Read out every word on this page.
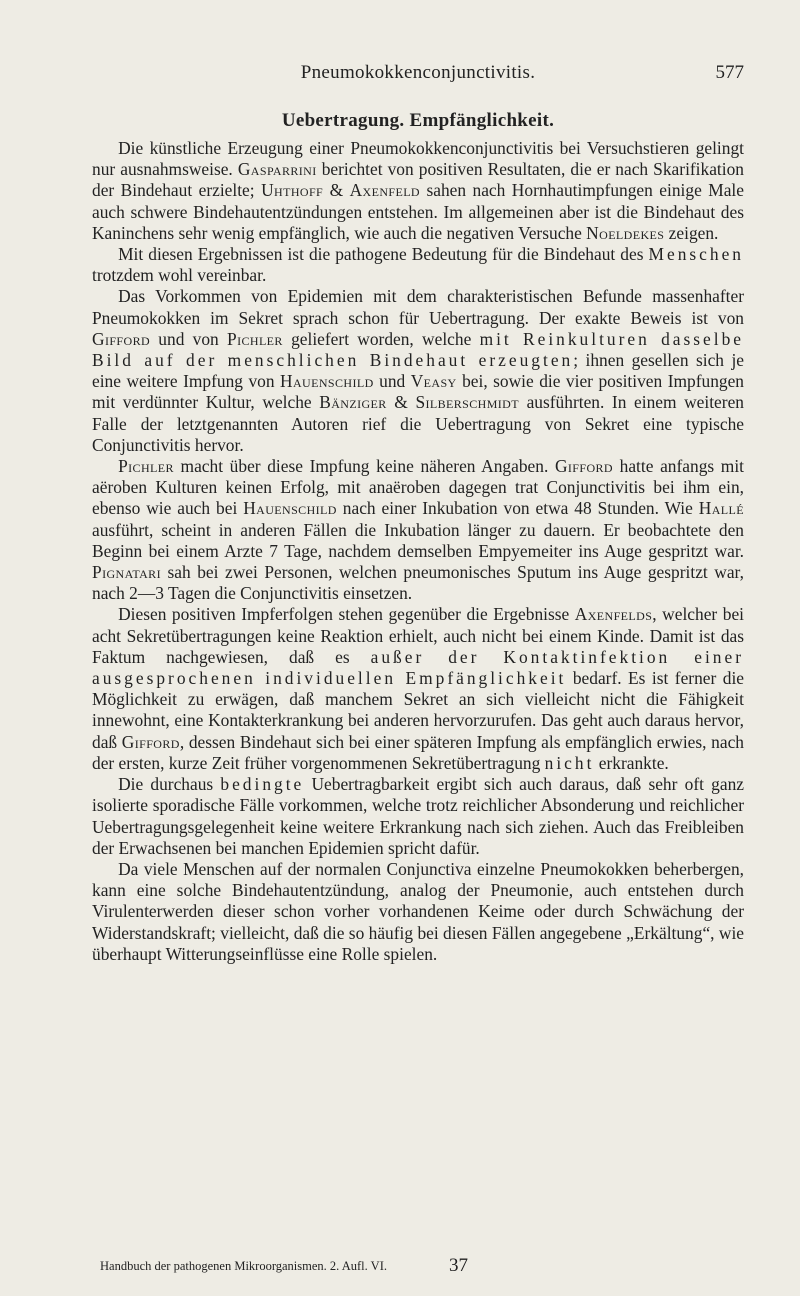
Pneumokokkenconjunctivitis.	577
Uebertragung. Empfänglichkeit.

Die künstliche Erzeugung einer Pneumokokkenconjunctivitis bei Versuchstieren gelingt nur ausnahmsweise. Gasparrini berichtet von positiven Resultaten, die er nach Skarifikation der Bindehaut erzielte; Uhthoff & Axenfeld sahen nach Hornhautimpfungen einige Male auch schwere Bindehautentzündungen entstehen. Im allgemeinen aber ist die Bindehaut des Kaninchens sehr wenig empfänglich, wie auch die negativen Versuche Noeldekes zeigen.

Mit diesen Ergebnissen ist die pathogene Bedeutung für die Bindehaut des Menschen trotzdem wohl vereinbar.

Das Vorkommen von Epidemien mit dem charakteristischen Befunde massenhafter Pneumokokken im Sekret sprach schon für Uebertragung. Der exakte Beweis ist von Gifford und von Pichler geliefert worden, welche mit Reinkulturen dasselbe Bild auf der menschlichen Bindehaut erzeugten; ihnen gesellen sich je eine weitere Impfung von Hauenschild und Veasy bei, sowie die vier positiven Impfungen mit verdünnter Kultur, welche Bänziger & Silberschmidt ausführten. In einem weiteren Falle der letztgenannten Autoren rief die Uebertragung von Sekret eine typische Conjunctivitis hervor.

Pichler macht über diese Impfung keine näheren Angaben. Gifford hatte anfangs mit aëroben Kulturen keinen Erfolg, mit anaëroben dagegen trat Conjunctivitis bei ihm ein, ebenso wie auch bei Hauenschild nach einer Inkubation von etwa 48 Stunden. Wie Hallé ausführt, scheint in anderen Fällen die Inkubation länger zu dauern. Er beobachtete den Beginn bei einem Arzte 7 Tage, nachdem demselben Empyemeiter ins Auge gespritzt war. Pignatari sah bei zwei Personen, welchen pneumonisches Sputum ins Auge gespritzt war, nach 2—3 Tagen die Conjunctivitis einsetzen.

Diesen positiven Impferfolgen stehen gegenüber die Ergebnisse Axenfelds, welcher bei acht Sekretübertragungen keine Reaktion erhielt, auch nicht bei einem Kinde. Damit ist das Faktum nachgewiesen, daß es außer der Kontaktinfektion einer ausgesprochenen individuellen Empfänglichkeit bedarf. Es ist ferner die Möglichkeit zu erwägen, daß manchem Sekret an sich vielleicht nicht die Fähigkeit innewohnt, eine Kontakterkrankung bei anderen hervorzurufen. Das geht auch daraus hervor, daß Gifford, dessen Bindehaut sich bei einer späteren Impfung als empfänglich erwies, nach der ersten, kurze Zeit früher vorgenommenen Sekretübertragung nicht erkrankte.

Die durchaus bedingte Uebertragbarkeit ergibt sich auch daraus, daß sehr oft ganz isolierte sporadische Fälle vorkommen, welche trotz reichlicher Absonderung und reichlicher Uebertragungsgelegenheit keine weitere Erkrankung nach sich ziehen. Auch das Freibleiben der Erwachsenen bei manchen Epidemien spricht dafür.

Da viele Menschen auf der normalen Conjunctiva einzelne Pneumokokken beherbergen, kann eine solche Bindehautentzündung, analog der Pneumonie, auch entstehen durch Virulenterwerden dieser schon vorher vorhandenen Keime oder durch Schwächung der Widerstandskraft; vielleicht, daß die so häufig bei diesen Fällen angegebene „Erkältung“, wie überhaupt Witterungseinflüsse eine Rolle spielen.

Handbuch der pathogenen Mikroorganismen. 2. Aufl. VI.	37
